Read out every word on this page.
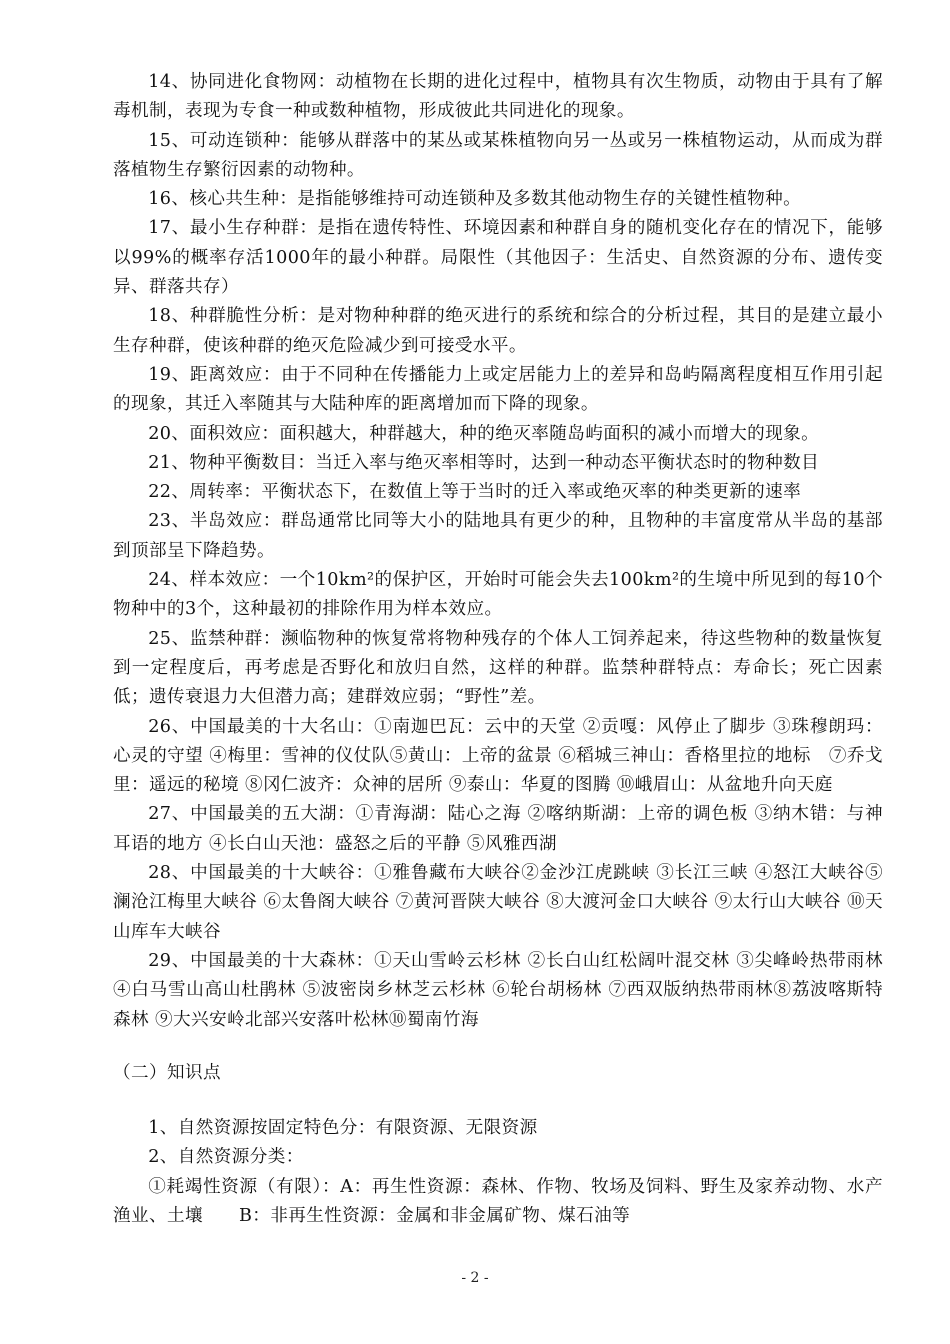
14、协同进化食物网：动植物在长期的进化过程中，植物具有次生物质，动物由于具有了解毒机制，表现为专食一种或数种植物，形成彼此共同进化的现象。

15、可动连锁种：能够从群落中的某丛或某株植物向另一丛或另一株植物运动，从而成为群落植物生存繁衍因素的动物种。

16、核心共生种：是指能够维持可动连锁种及多数其他动物生存的关键性植物种。

17、最小生存种群：是指在遗传特性、环境因素和种群自身的随机变化存在的情况下，能够以99%的概率存活1000年的最小种群。局限性（其他因子：生活史、自然资源的分布、遗传变异、群落共存）

18、种群脆性分析：是对物种种群的绝灭进行的系统和综合的分析过程，其目的是建立最小生存种群，使该种群的绝灭危险减少到可接受水平。

19、距离效应：由于不同种在传播能力上或定居能力上的差异和岛屿隔离程度相互作用引起的现象，其迁入率随其与大陆种库的距离增加而下降的现象。

20、面积效应：面积越大，种群越大，种的绝灭率随岛屿面积的减小而增大的现象。

21、物种平衡数目：当迁入率与绝灭率相等时，达到一种动态平衡状态时的物种数目

22、周转率：平衡状态下，在数值上等于当时的迁入率或绝灭率的种类更新的速率

23、半岛效应：群岛通常比同等大小的陆地具有更少的种，且物种的丰富度常从半岛的基部到顶部呈下降趋势。

24、样本效应：一个10km²的保护区，开始时可能会失去100km²的生境中所见到的每10个物种中的3个，这种最初的排除作用为样本效应。

25、监禁种群：濒临物种的恢复常将物种残存的个体人工饲养起来，待这些物种的数量恢复到一定程度后，再考虑是否野化和放归自然，这样的种群。监禁种群特点：寿命长；死亡因素低；遗传衰退力大但潜力高；建群效应弱；“野性”差。

26、中国最美的十大名山：①南迦巴瓦：云中的天堂 ②贡嘎：风停止了脚步 ③珠穆朗玛：心灵的守望 ④梅里：雪神的仪仗队⑤黄山：上帝的盆景 ⑥稻城三神山：香格里拉的地标　⑦乔戈里：遥远的秘境 ⑧冈仁波齐：众神的居所 ⑨泰山：华夏的图腾 ⑩峨眉山：从盆地升向天庭

27、中国最美的五大湖：①青海湖：陆心之海 ②喀纳斯湖：上帝的调色板 ③纳木错：与神耳语的地方 ④长白山天池：盛怒之后的平静 ⑤风雅西湖

28、中国最美的十大峡谷：①雅鲁藏布大峡谷②金沙江虎跳峡 ③长江三峡 ④怒江大峡谷⑤澜沧江梅里大峡谷 ⑥太鲁阁大峡谷 ⑦黄河晋陕大峡谷 ⑧大渡河金口大峡谷 ⑨太行山大峡谷 ⑩天山库车大峡谷

29、中国最美的十大森林：①天山雪岭云杉林 ②长白山红松阔叶混交林 ③尖峰岭热带雨林 ④白马雪山高山杜鹃林 ⑤波密岗乡林芝云杉林 ⑥轮台胡杨林 ⑦西双版纳热带雨林⑧荔波喀斯特森林 ⑨大兴安岭北部兴安落叶松林⑩蜀南竹海

（二）知识点

1、自然资源按固定特色分：有限资源、无限资源

2、自然资源分类：

①耗竭性资源（有限）：A：再生性资源：森林、作物、牧场及饲料、野生及家养动物、水产渔业、土壤　　B：非再生性资源：金属和非金属矿物、煤石油等

- 2 -
